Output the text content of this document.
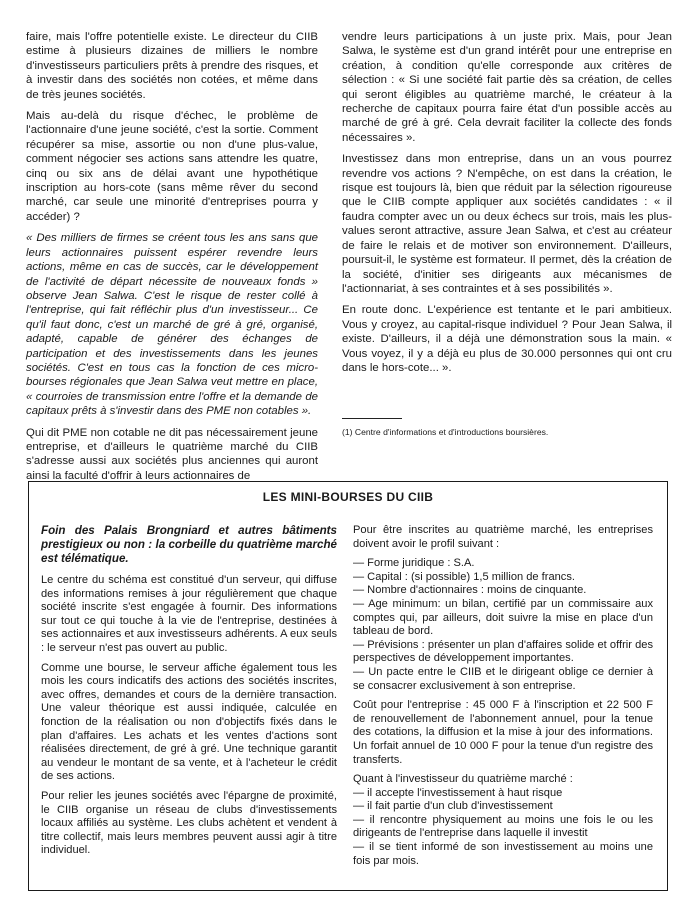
faire, mais l'offre potentielle existe. Le directeur du CIIB estime à plusieurs dizaines de milliers le nombre d'investisseurs particuliers prêts à prendre des risques, et à investir dans des sociétés non cotées, et même dans de très jeunes sociétés.

Mais au-delà du risque d'échec, le problème de l'actionnaire d'une jeune société, c'est la sortie. Comment récupérer sa mise, assortie ou non d'une plus-value, comment négocier ses actions sans attendre les quatre, cinq ou six ans de délai avant une hypothétique inscription au hors-cote (sans même rêver du second marché, car seule une minorité d'entreprises pourra y accéder) ?

« Des milliers de firmes se créent tous les ans sans que leurs actionnaires puissent espérer revendre leurs actions, même en cas de succès, car le développement de l'activité de départ nécessite de nouveaux fonds » observe Jean Salwa. C'est le risque de rester collé à l'entreprise, qui fait réfléchir plus d'un investisseur... Ce qu'il faut donc, c'est un marché de gré à gré, organisé, adapté, capable de générer des échanges de participation et des investissements dans les jeunes sociétés. C'est en tous cas la fonction de ces micro-bourses régionales que Jean Salwa veut mettre en place, « courroies de transmission entre l'offre et la demande de capitaux prêts à s'investir dans des PME non cotables ».

Qui dit PME non cotable ne dit pas nécessairement jeune entreprise, et d'ailleurs le quatrième marché du CIIB s'adresse aussi aux sociétés plus anciennes qui auront ainsi la faculté d'offrir à leurs actionnaires de

vendre leurs participations à un juste prix. Mais, pour Jean Salwa, le système est d'un grand intérêt pour une entreprise en création, à condition qu'elle corresponde aux critères de sélection : « Si une société fait partie dès sa création, de celles qui seront éligibles au quatrième marché, le créateur à la recherche de capitaux pourra faire état d'un possible accès au marché de gré à gré. Cela devrait faciliter la collecte des fonds nécessaires ».

Investissez dans mon entreprise, dans un an vous pourrez revendre vos actions ? N'empêche, on est dans la création, le risque est toujours là, bien que réduit par la sélection rigoureuse que le CIIB compte appliquer aux sociétés candidates : « il faudra compter avec un ou deux échecs sur trois, mais les plus-values seront attractive, assure Jean Salwa, et c'est au créateur de faire le relais et de motiver son environnement. D'ailleurs, poursuit-il, le système est formateur. Il permet, dès la création de la société, d'initier ses dirigeants aux mécanismes de l'actionnariat, à ses contraintes et à ses possibilités ».

En route donc. L'expérience est tentante et le pari ambitieux. Vous y croyez, au capital-risque individuel ? Pour Jean Salwa, il existe. D'ailleurs, il a déjà une démonstration sous la main. « Vous voyez, il y a déjà eu plus de 30.000 personnes qui ont cru dans le hors-cote... ».

(1) Centre d'informations et d'introductions boursières.
LES MINI-BOURSES DU CIIB

Foin des Palais Brongniard et autres bâtiments prestigieux ou non : la corbeille du quatrième marché est télématique.

Le centre du schéma est constitué d'un serveur, qui diffuse des informations remises à jour régulièrement que chaque société inscrite s'est engagée à fournir. Des informations sur tout ce qui touche à la vie de l'entreprise, destinées à ses actionnaires et aux investisseurs adhérents. A eux seuls : le serveur n'est pas ouvert au public.

Comme une bourse, le serveur affiche également tous les mois les cours indicatifs des actions des sociétés inscrites, avec offres, demandes et cours de la dernière transaction. Une valeur théorique est aussi indiquée, calculée en fonction de la réalisation ou non d'objectifs fixés dans le plan d'affaires. Les achats et les ventes d'actions sont réalisées directement, de gré à gré. Une technique garantit au vendeur le montant de sa vente, et à l'acheteur le crédit de ses actions.

Pour relier les jeunes sociétés avec l'épargne de proximité, le CIIB organise un réseau de clubs d'investissements locaux affiliés au système. Les clubs achètent et vendent à titre collectif, mais leurs membres peuvent aussi agir à titre individuel.

Pour être inscrites au quatrième marché, les entreprises doivent avoir le profil suivant :

— Forme juridique : S.A.
— Capital : (si possible) 1,5 million de francs.
— Nombre d'actionnaires : moins de cinquante.
— Age minimum: un bilan, certifié par un commissaire aux comptes qui, par ailleurs, doit suivre la mise en place d'un tableau de bord.
— Prévisions : présenter un plan d'affaires solide et offrir des perspectives de développement importantes.
— Un pacte entre le CIIB et le dirigeant oblige ce dernier à se consacrer exclusivement à son entreprise.

Coût pour l'entreprise : 45 000 F à l'inscription et 22 500 F de renouvellement de l'abonnement annuel, pour la tenue des cotations, la diffusion et la mise à jour des informations. Un forfait annuel de 10 000 F pour la tenue d'un registre des transferts.

Quant à l'investisseur du quatrième marché :
— il accepte l'investissement à haut risque
— il fait partie d'un club d'investissement
— il rencontre physiquement au moins une fois le ou les dirigeants de l'entreprise dans laquelle il investit
— il se tient informé de son investissement au moins une fois par mois.
